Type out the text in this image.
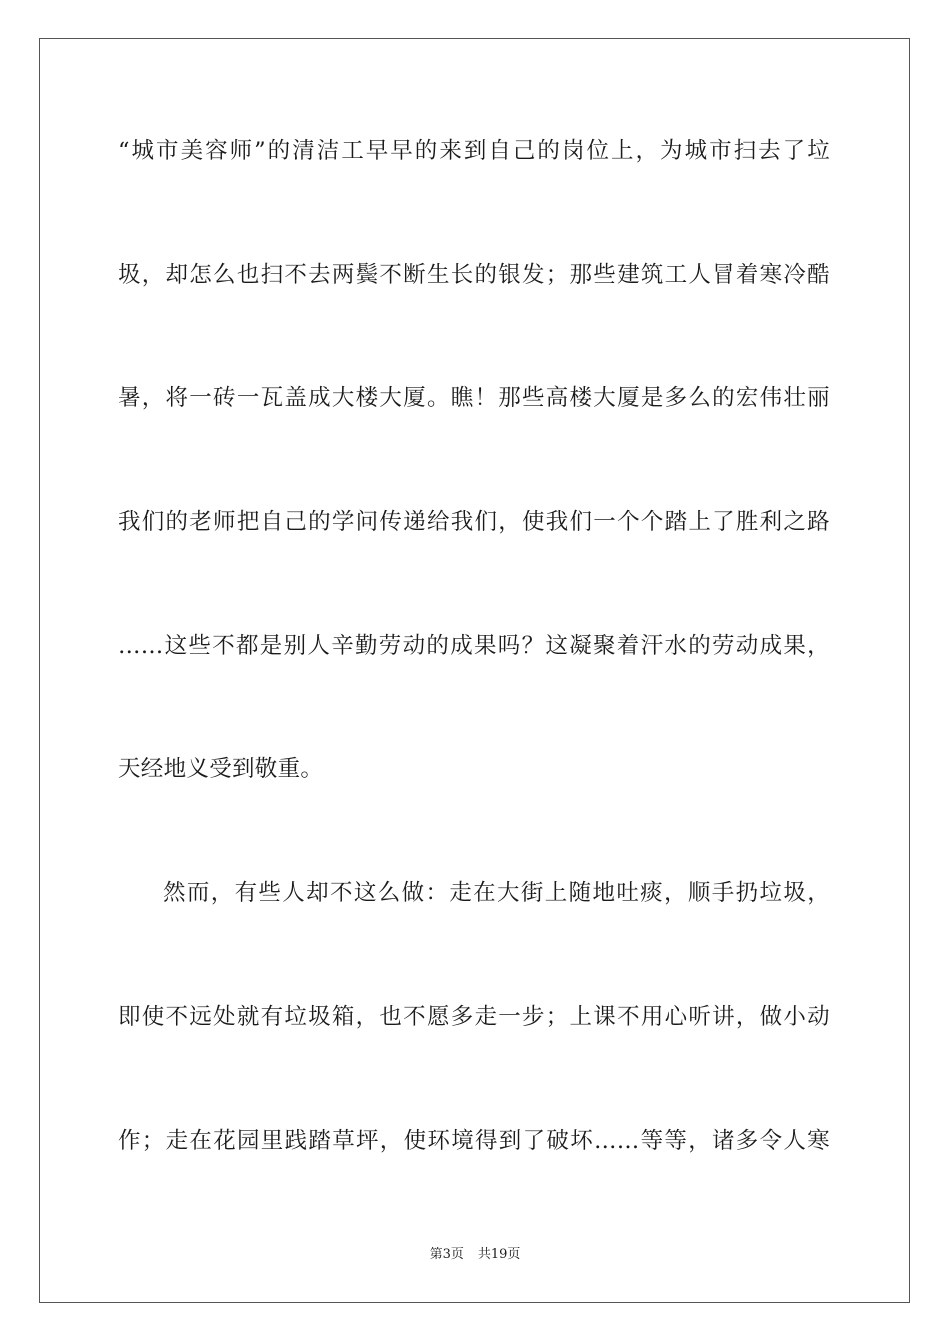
“城市美容师”的清洁工早早的来到自己的岗位上，为城市扫去了垃
圾，却怎么也扫不去两鬓不断生长的银发；那些建筑工人冒着寒冷酷
暑，将一砖一瓦盖成大楼大厦。瞧！那些高楼大厦是多么的宏伟壮丽
我们的老师把自己的学问传递给我们，使我们一个个踏上了胜利之路
……这些不都是别人辛勤劳动的成果吗？这凝聚着汗水的劳动成果，
天经地义受到敬重。
然而，有些人却不这么做：走在大街上随地吐痰，顺手扔垃圾，
即使不远处就有垃圾箱，也不愿多走一步；上课不用心听讲，做小动
作；走在花园里践踏草坪，使环境得到了破坏……等等，诸多令人寒
第3页 共19页
